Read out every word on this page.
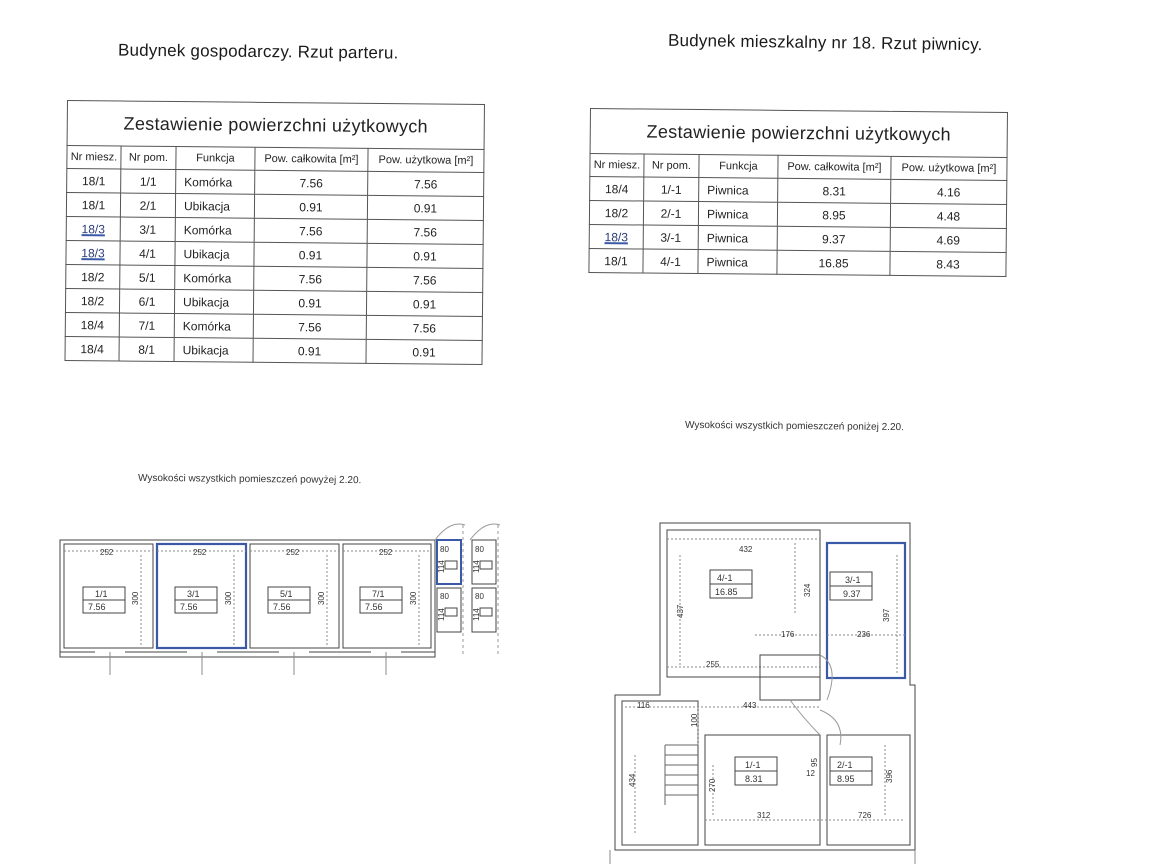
Budynek gospodarczy. Rzut parteru.	Budynek mieszkalny nr 18. Rzut piwnicy.
Zestawienie powierzchni użytkowych				
Nr miesz.	Nr pom.	Funkcja	Pow. całkowita [m²]	Pow. użytkowa [m²]
18/1	1/1	Komórka	7.56	7.56
18/1	2/1	Ubikacja	0.91	0.91
18/3	3/1	Komórka	7.56	7.56
18/3	4/1	Ubikacja	0.91	0.91
18/2	5/1	Komórka	7.56	7.56
18/2	6/1	Ubikacja	0.91	0.91
18/4	7/1	Komórka	7.56	7.56
18/4	8/1	Ubikacja	0.91	0.91
Zestawienie powierzchni użytkowych				
Nr miesz.	Nr pom.	Funkcja	Pow. całkowita [m²]	Pow. użytkowa [m²]
18/4	1/-1	Piwnica	8.31	4.16
18/2	2/-1	Piwnica	8.95	4.48
18/3	3/-1	Piwnica	9.37	4.69
18/1	4/-1	Piwnica	16.85	8.43
Wysokości wszystkich pomieszczeń powyżej 2.20.
Wysokości wszystkich pomieszczeń poniżej 2.20.
252	252	252	252
300	300	300	300
80	80
80	80
114	114
114	114
1/1
7.56
3/1
7.56
5/1
7.56
7/1
7.56
432
437
324
176
255
236
397
116	443
100
434	270
312	726
95
12	396
4/-1
16.85
3/-1
9.37
1/-1
8.31
2/-1
8.95
